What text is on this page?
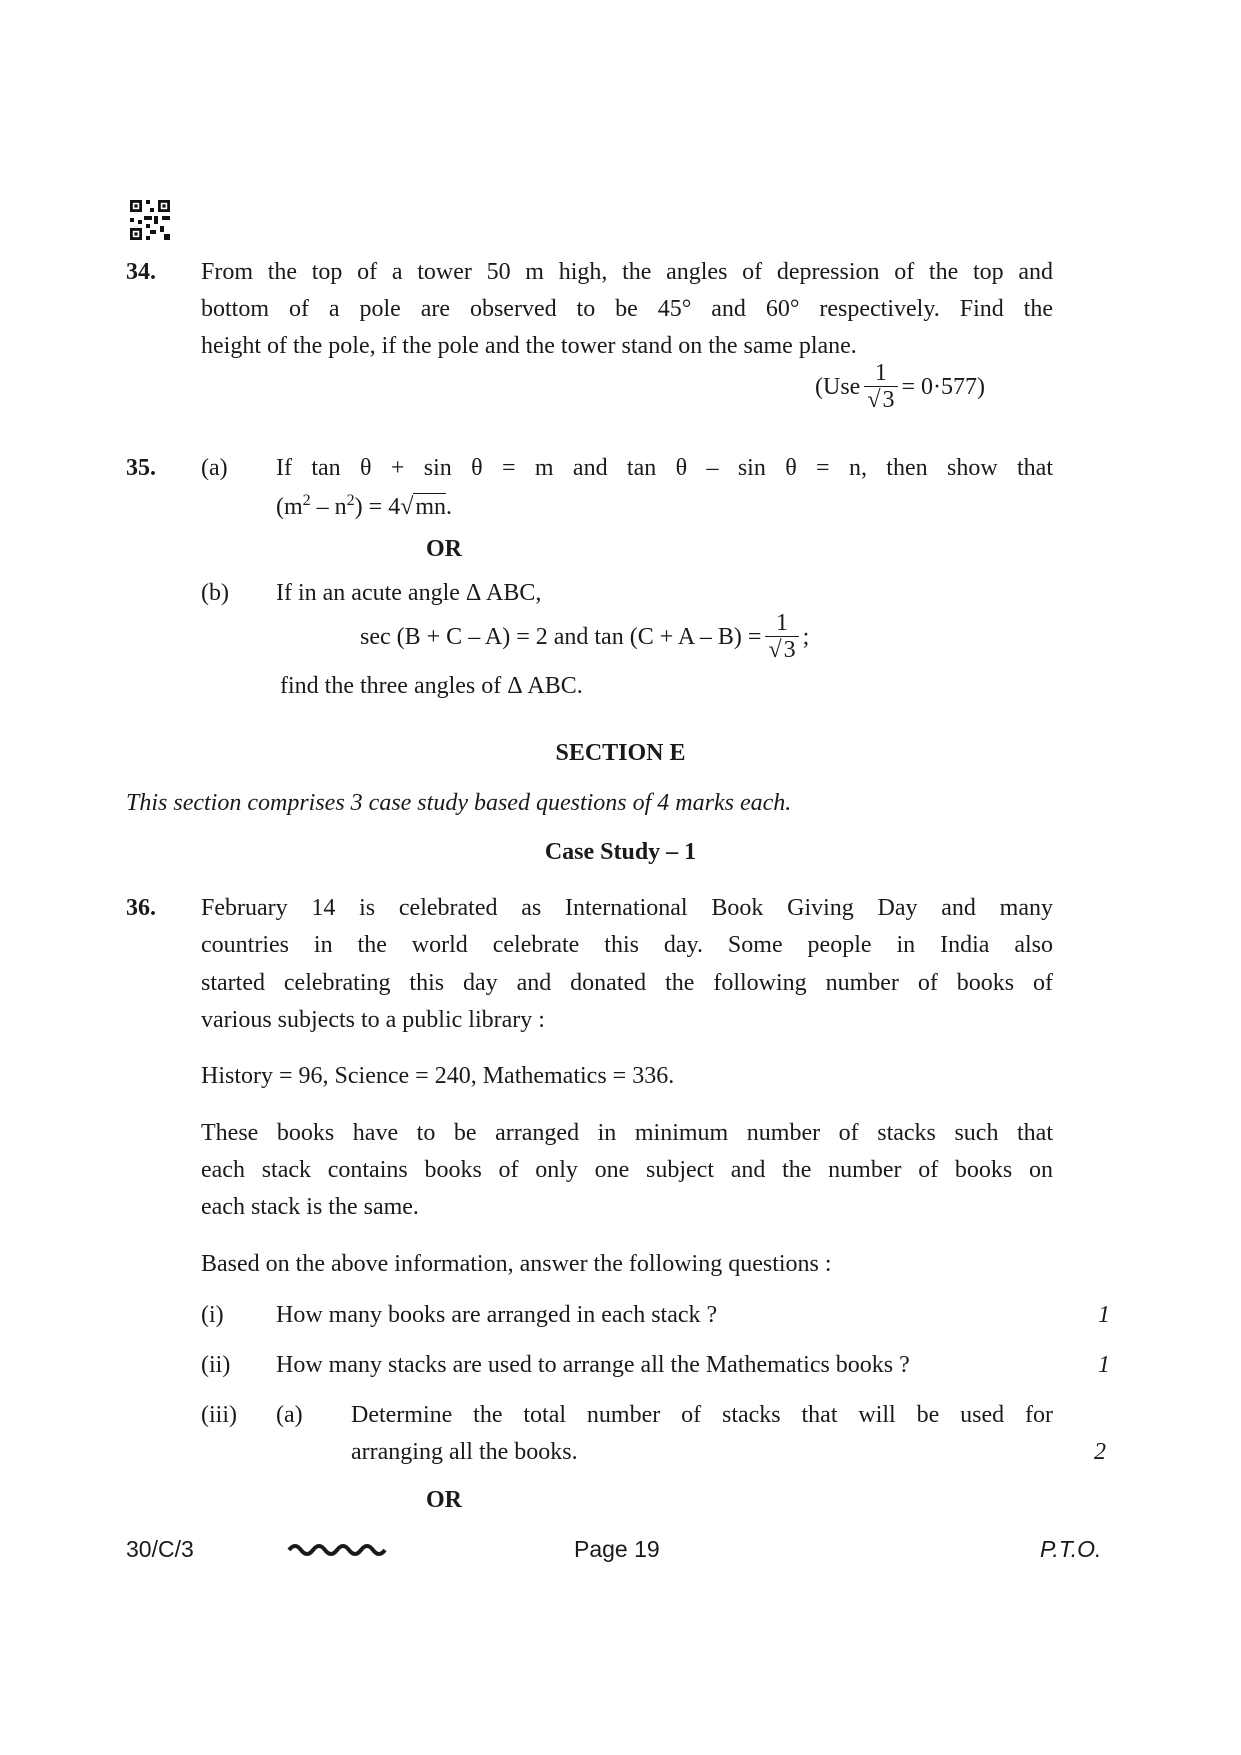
34. From the top of a tower 50 m high, the angles of depression of the top and
bottom of a pole are observed to be 45° and 60° respectively. Find the
height of the pole, if the pole and the tower stand on the same plane.
$(Use \frac{1}{√3} = 0\cdot 577)$
35. (a) If tan θ + sin θ = m and tan θ – sin θ = n, then show that
$(m^2 - n^2) = 4√mn$.
OR
(b) If in an acute angle Δ ABC,
sec (B + C – A) = 2 and $\tan (C + A - B) = \frac{1}{√3}$ ;
find the three angles of Δ ABC.
SECTION E
This section comprises 3 case study based questions of 4 marks each.
Case Study – 1
36. February 14 is celebrated as International Book Giving Day and many
countries in the world celebrate this day. Some people in India also
started celebrating this day and donated the following number of books of
various subjects to a public library :
History = 96, Science = 240, Mathematics = 336.
These books have to be arranged in minimum number of stacks such that
each stack contains books of only one subject and the number of books on
each stack is the same.
Based on the above information, answer the following questions :
(i) How many books are arranged in each stack ?	1
(ii) How many stacks are used to arrange all the Mathematics books ?	1
(iii) (a) Determine the total number of stacks that will be used for
arranging all the books.	2
OR
30/C/3	Page 19	P.T.O.
